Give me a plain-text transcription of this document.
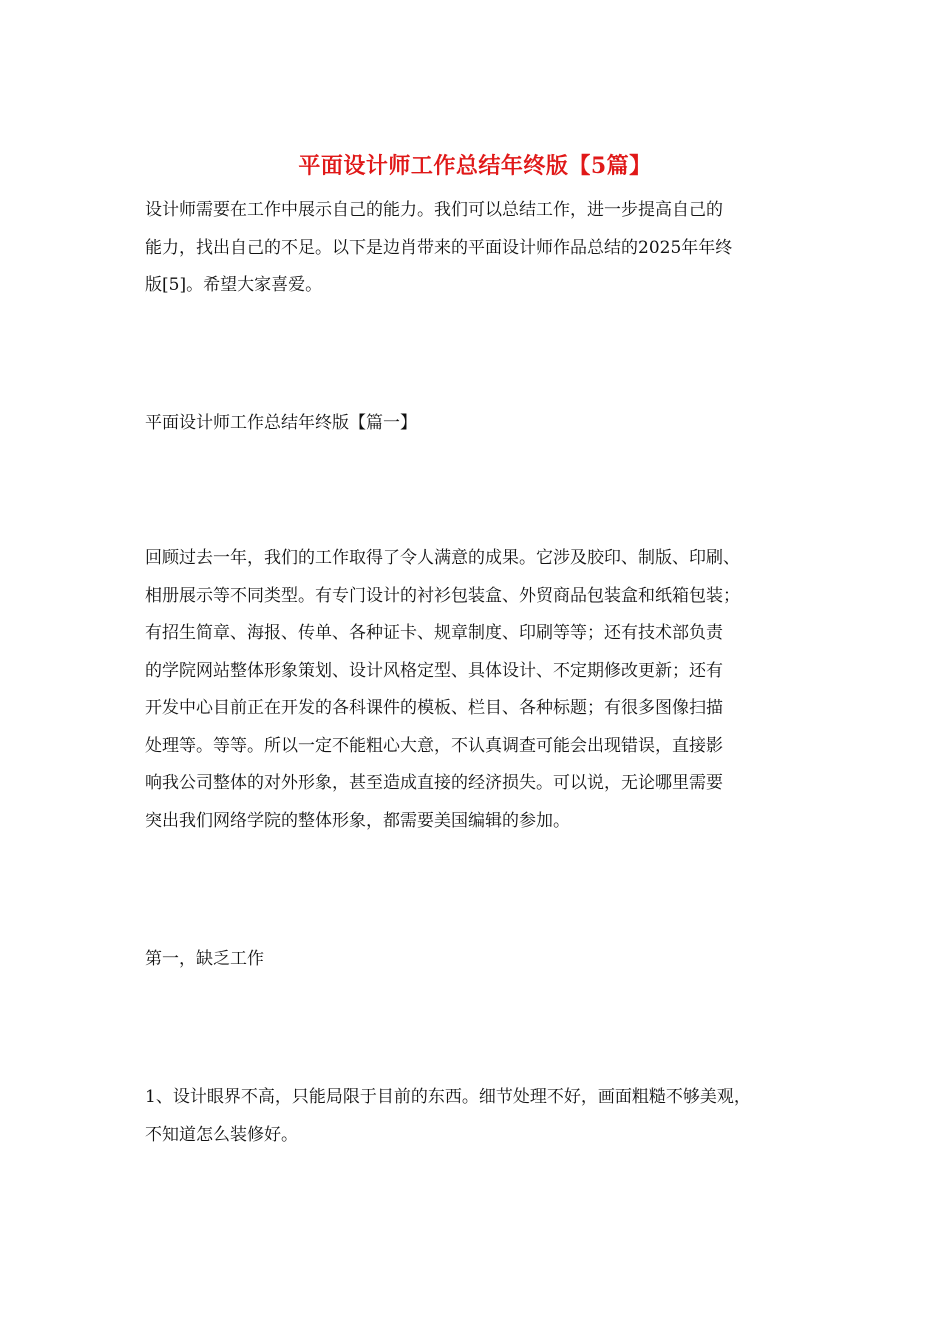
平面设计师工作总结年终版【5篇】
设计师需要在工作中展示自己的能力。我们可以总结工作，进一步提高自己的
能力，找出自己的不足。以下是边肖带来的平面设计师作品总结的2025年年终
版[5]。希望大家喜爱。
平面设计师工作总结年终版【篇一】
回顾过去一年，我们的工作取得了令人满意的成果。它涉及胶印、制版、印刷、
相册展示等不同类型。有专门设计的衬衫包装盒、外贸商品包装盒和纸箱包装；
有招生简章、海报、传单、各种证卡、规章制度、印刷等等；还有技术部负责
的学院网站整体形象策划、设计风格定型、具体设计、不定期修改更新；还有
开发中心目前正在开发的各科课件的模板、栏目、各种标题；有很多图像扫描
处理等。等等。所以一定不能粗心大意，不认真调查可能会出现错误，直接影
响我公司整体的对外形象，甚至造成直接的经济损失。可以说，无论哪里需要
突出我们网络学院的整体形象，都需要美国编辑的参加。
第一，缺乏工作
1、设计眼界不高，只能局限于目前的东西。细节处理不好，画面粗糙不够美观，
不知道怎么装修好。
